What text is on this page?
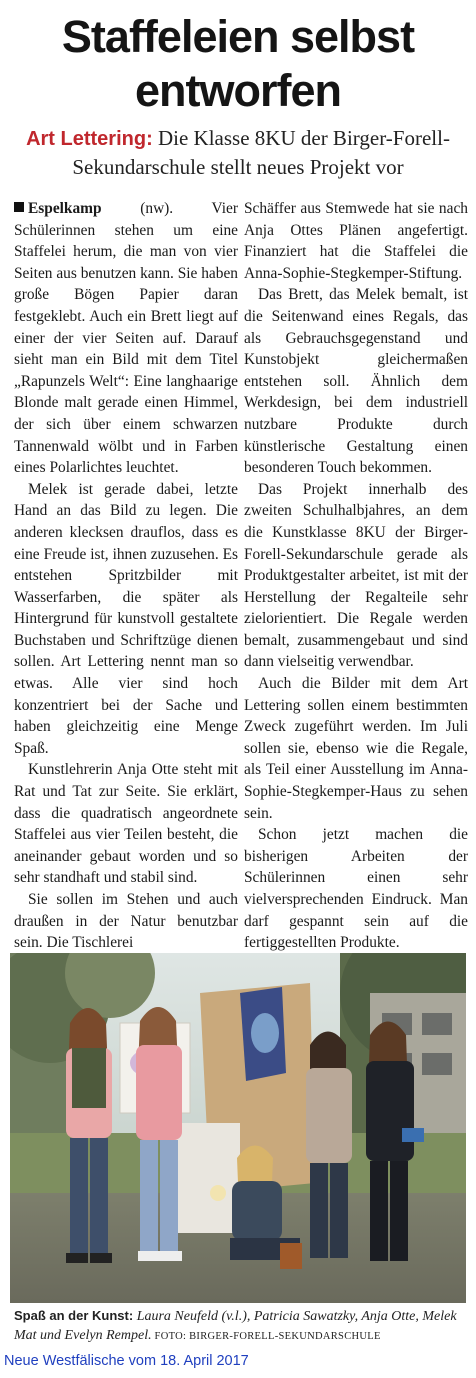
Staffeleien selbst
entworfen
Art Lettering: Die Klasse 8KU der Birger-Forell-Sekundarschule stellt neues Projekt vor

Espelkamp (nw). Vier Schülerinnen stehen um eine Staffelei herum, die man von vier Seiten aus benutzen kann. Sie haben große Bögen Papier daran festgeklebt. Auch ein Brett liegt auf einer der vier Seiten auf. Darauf sieht man ein Bild mit dem Titel „Rapunzels Welt“: Eine langhaarige Blonde malt gerade einen Himmel, der sich über einem schwarzen Tannenwald wölbt und in Farben eines Polarlichtes leuchtet.

Melek ist gerade dabei, letzte Hand an das Bild zu legen. Die anderen klecksen drauflos, dass es eine Freude ist, ihnen zuzusehen. Es entstehen Spritzbilder mit Wasserfarben, die später als Hintergrund für kunstvoll gestaltete Buchstaben und Schriftzüge dienen sollen. Art Lettering nennt man so etwas. Alle vier sind hoch konzentriert bei der Sache und haben gleichzeitig eine Menge Spaß.

Kunstlehrerin Anja Otte steht mit Rat und Tat zur Seite. Sie erklärt, dass die quadratisch angeordnete Staffelei aus vier Teilen besteht, die aneinander gebaut worden und so sehr standhaft und stabil sind.

Sie sollen im Stehen und auch draußen in der Natur benutzbar sein. Die Tischlerei

Schäffer aus Stemwede hat sie nach Anja Ottes Plänen angefertigt. Finanziert hat die Staffelei die Anna-Sophie-Stegkemper-Stiftung.

Das Brett, das Melek bemalt, ist die Seitenwand eines Regals, das als Gebrauchsgegenstand und Kunstobjekt gleichermaßen entstehen soll. Ähnlich dem Werkdesign, bei dem industriell nutzbare Produkte durch künstlerische Gestaltung einen besonderen Touch bekommen.

Das Projekt innerhalb des zweiten Schulhalbjahres, an dem die Kunstklasse 8KU der Birger-Forell-Sekundarschule gerade als Produktgestalter arbeitet, ist mit der Herstellung der Regalteile sehr zielorientiert. Die Regale werden bemalt, zusammengebaut und sind dann vielseitig verwendbar.

Auch die Bilder mit dem Art Lettering sollen einem bestimmten Zweck zugeführt werden. Im Juli sollen sie, ebenso wie die Regale, als Teil einer Ausstellung im Anna-Sophie-Stegkemper-Haus zu sehen sein.

Schon jetzt machen die bisherigen Arbeiten der Schülerinnen einen sehr vielversprechenden Eindruck. Man darf gespannt sein auf die fertiggestellten Produkte.

Spaß an der Kunst: Laura Neufeld (v.l.), Patricia Sawatzky, Anja Otte, Melek Mat und Evelyn Rempel. FOTO: BIRGER-FORELL-SEKUNDARSCHULE
Neue Westfälische vom 18. April 2017
